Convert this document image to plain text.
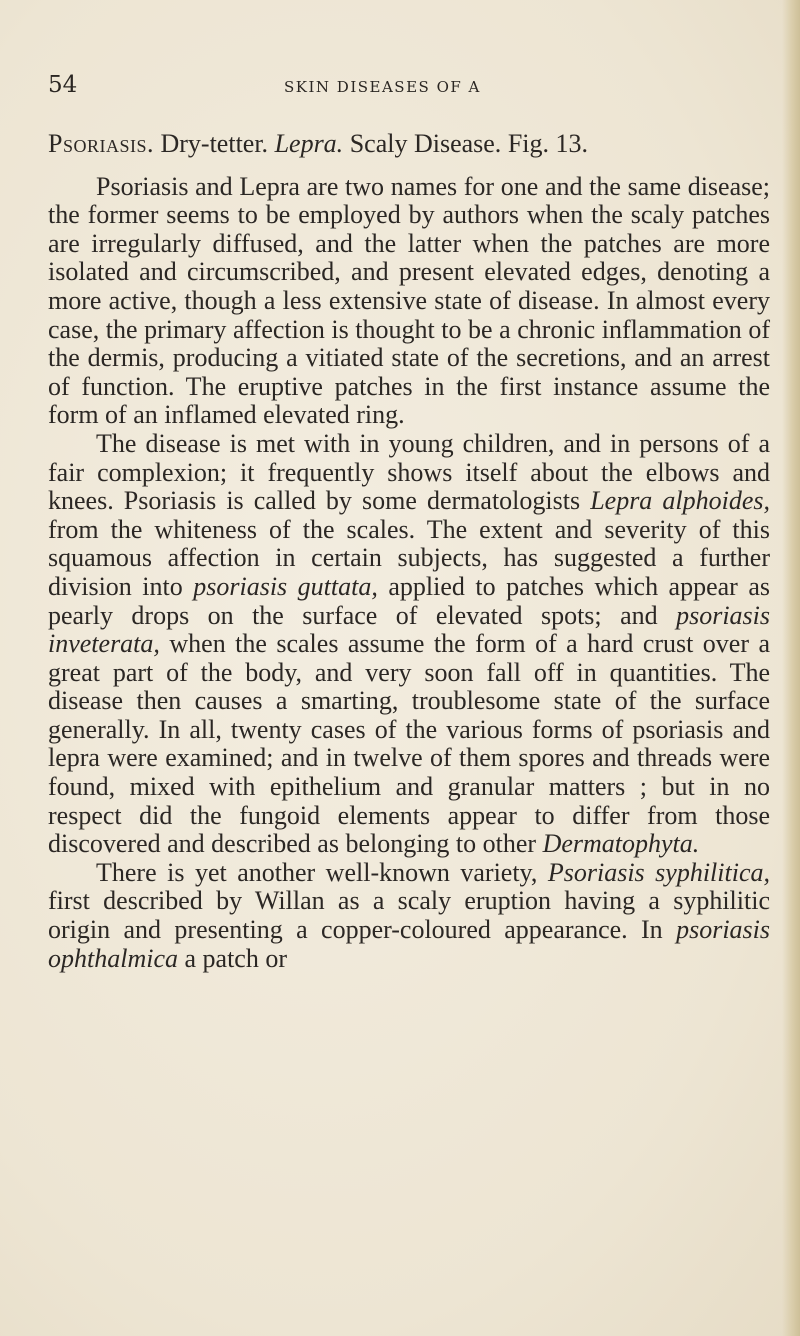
54	SKIN DISEASES OF A

Psoriasis. Dry-tetter. Lepra. Scaly Disease. Fig. 13.

Psoriasis and Lepra are two names for one and the same disease; the former seems to be employed by authors when the scaly patches are irregularly diffused, and the latter when the patches are more isolated and circumscribed, and present elevated edges, denoting a more active, though a less extensive state of disease. In almost every case, the primary affection is thought to be a chronic inflammation of the dermis, producing a vitiated state of the secretions, and an arrest of function. The eruptive patches in the first instance assume the form of an inflamed elevated ring.

The disease is met with in young children, and in persons of a fair complexion; it frequently shows itself about the elbows and knees. Psoriasis is called by some dermatologists Lepra alphoides, from the whiteness of the scales. The extent and severity of this squamous affection in certain subjects, has suggested a further division into psoriasis guttata, applied to patches which appear as pearly drops on the surface of elevated spots; and psoriasis inveterata, when the scales assume the form of a hard crust over a great part of the body, and very soon fall off in quantities. The disease then causes a smarting, troublesome state of the surface generally. In all, twenty cases of the various forms of psoriasis and lepra were examined; and in twelve of them spores and threads were found, mixed with epithelium and granular matters ; but in no respect did the fungoid elements appear to differ from those discovered and described as belonging to other Dermatophyta.

There is yet another well-known variety, Psoriasis syphilitica, first described by Willan as a scaly eruption having a syphilitic origin and presenting a copper-coloured appearance. In psoriasis ophthalmica a patch or
